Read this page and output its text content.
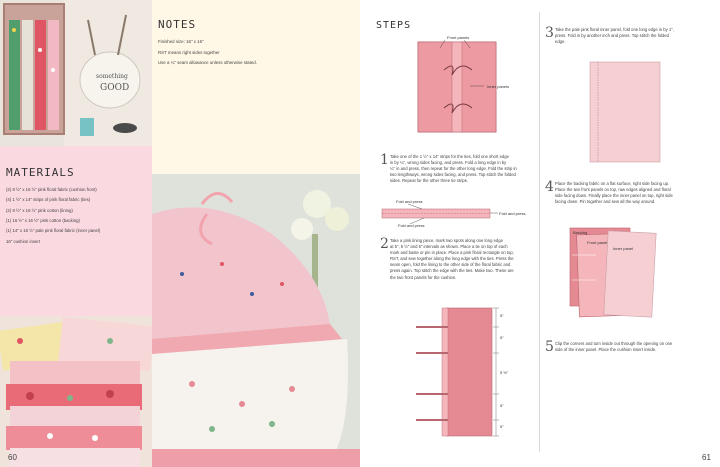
something
GOOD
NOTES

Finished size: 16" x 16"

RST means right sides together

Use a ¼" seam allowance unless otherwise stated.

MATERIALS

(2) 8 ½" x 16 ½" pink floral fabric (cushion front)

(4) 1 ½" x 14" strips of pink floral fabric (ties)

(2) 8 ½" x 16 ½" pink cotton (lining)

(1) 16 ½" x 16 ½" pink cotton (backing)

(1) 14" x 16 ½" pale pink floral fabric (inner panel)

16" cushion insert

60
STEPS
Front panels
Inner panels
1 Take one of the 1 ½" x 14" strips for the ties, fold one short edge
in by ¼", wrong sides facing, and press. Fold a long edge in by
¼" in and press, then repeat for the other long edge. Fold the strip in
two lengthways, wrong sides facing, and press. Top stitch the folded
sides. Repeat for the other three tie strips.
Fold and press
Fold and press
Fold and press
2 Take a pink lining piece, mark two spots along one long edge
at 5", 5 ½" and 5" intervals as shown. Place a tie on top of each
mark and baste or pin in place. Place a pink floral rectangle on top,
RST, and sew together along the long edge with the ties. Press the
seam open, fold the lining to the other side of the floral fabric and
press again. Top stitch the edge with the ties. Make two. These are
the two front panels for the cushion.
5"
5"
5 ½"
5"
5"
3 Take the pale pink floral inner panel, fold one long edge in by 1",
press. Fold in by another inch and press. Top stitch the folded
edge.
4 Place the backing fabric on a flat surface, right side facing up.
Place the two front panels on top, raw edges aligned and floral
side facing down. Finally place the inner panel on top, right side
facing down. Pin together and sew all the way around.
Backing
Front panel
Inner panel
5 Clip the corners and turn inside out through the opening on one
side of the inner panel. Place the cushion insert inside.
61
